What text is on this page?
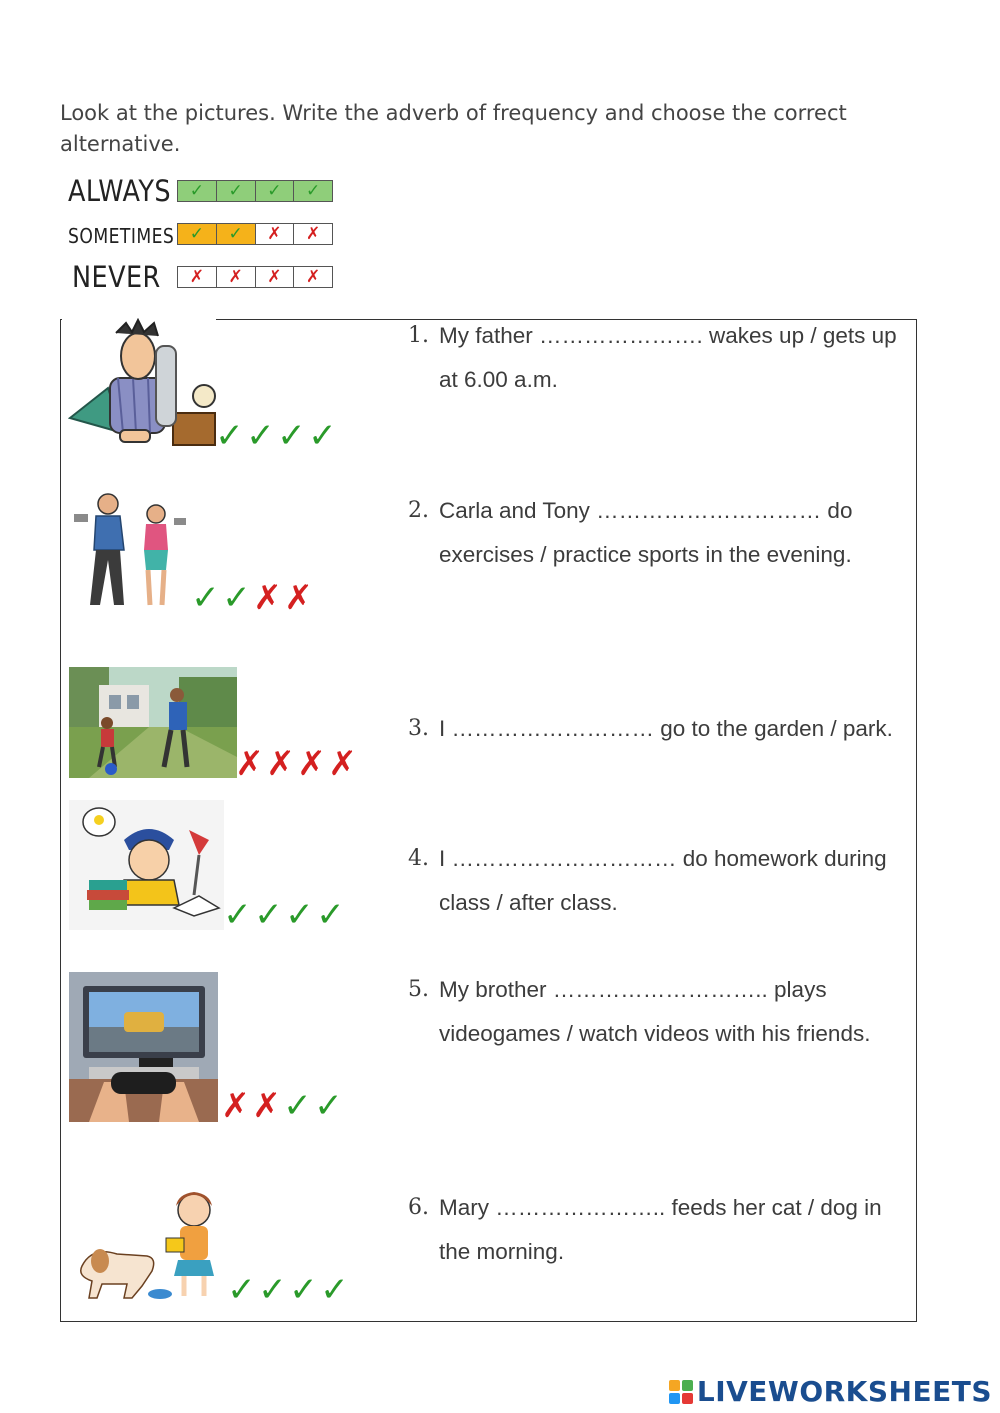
Look at the pictures. Write the adverb of frequency and choose the correct alternative.
ALWAYS	✓	✓	✓	✓
SOMETIMES ✓	✓	✗	✗
NEVER	✗	✗	✗	✗
✓✓✓✓
1. My father …………………. wakes up / gets up at 6.00 a.m.
✓✓✗✗
2. Carla and Tony ………………………… do exercises / practice sports in the evening.
✗✗✗✗
3. I ……………………… go to the garden / park.
✓✓✓✓
4. I ………………………… do homework during class / after class.
✗✗✓✓
5. My brother ……………………….. plays videogames / watch videos with his friends.
✓✓✓✓
6. Mary ………………….. feeds her cat / dog in the morning.
LIVEWORKSHEETS
